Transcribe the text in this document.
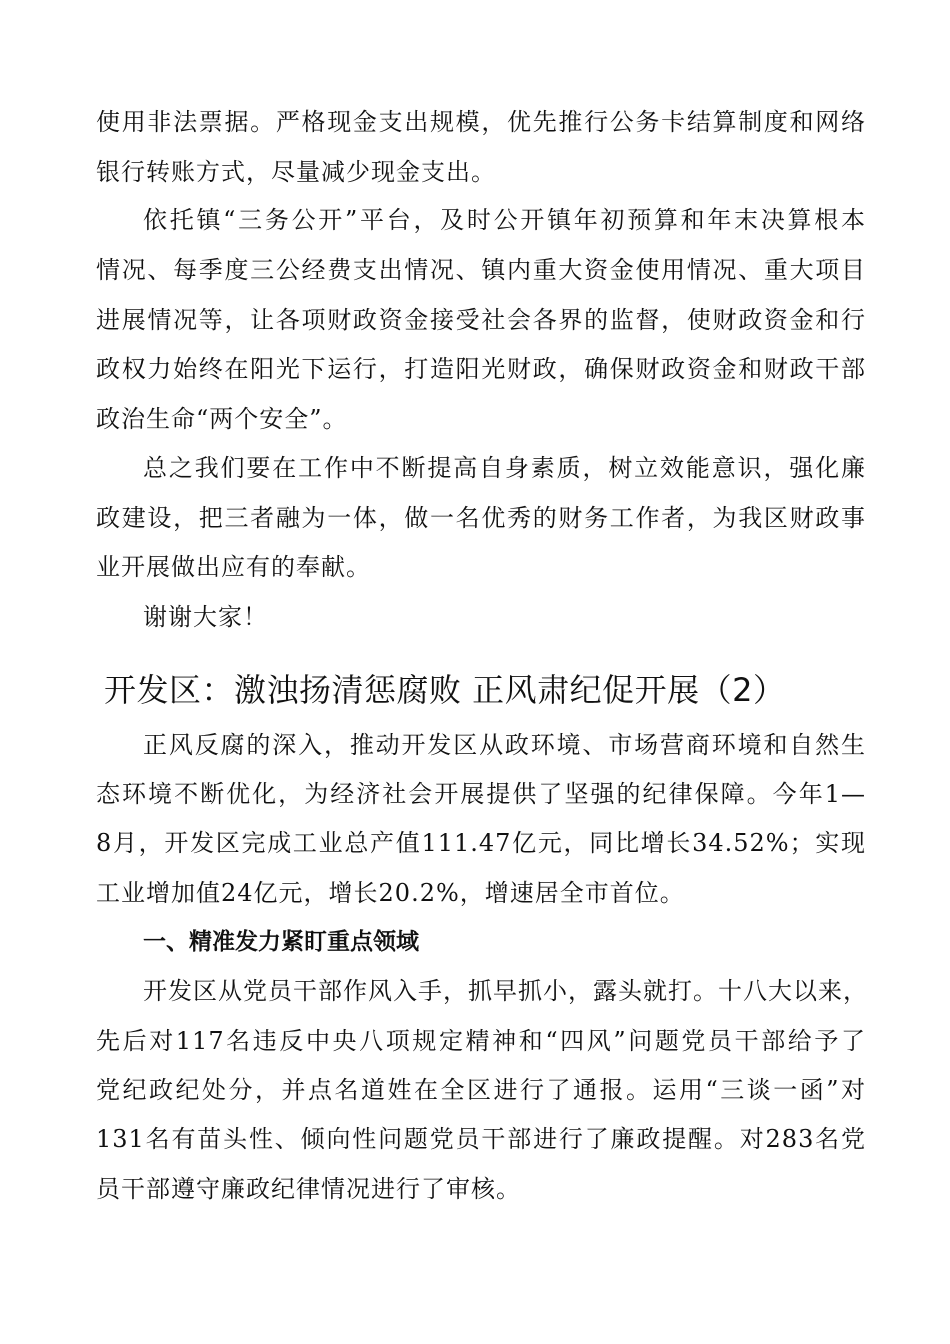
使用非法票据。严格现金支出规模，优先推行公务卡结算制度和网络
银行转账方式，尽量减少现金支出。
依托镇“三务公开”平台，及时公开镇年初预算和年末决算根本
情况、每季度三公经费支出情况、镇内重大资金使用情况、重大项目
进展情况等，让各项财政资金接受社会各界的监督，使财政资金和行
政权力始终在阳光下运行，打造阳光财政，确保财政资金和财政干部
政治生命“两个安全”。
总之我们要在工作中不断提高自身素质，树立效能意识，强化廉
政建设，把三者融为一体，做一名优秀的财务工作者，为我区财政事
业开展做出应有的奉献。
谢谢大家！
开发区：激浊扬清惩腐败 正风肃纪促开展（2）
正风反腐的深入，推动开发区从政环境、市场营商环境和自然生
态环境不断优化，为经济社会开展提供了坚强的纪律保障。今年1—
8月，开发区完成工业总产值111.47亿元，同比增长34.52%；实现
工业增加值24亿元，增长20.2%，增速居全市首位。
一、精准发力紧盯重点领域
开发区从党员干部作风入手，抓早抓小，露头就打。十八大以来，
先后对117名违反中央八项规定精神和“四风”问题党员干部给予了
党纪政纪处分，并点名道姓在全区进行了通报。运用“三谈一函”对
131名有苗头性、倾向性问题党员干部进行了廉政提醒。对283名党
员干部遵守廉政纪律情况进行了审核。
